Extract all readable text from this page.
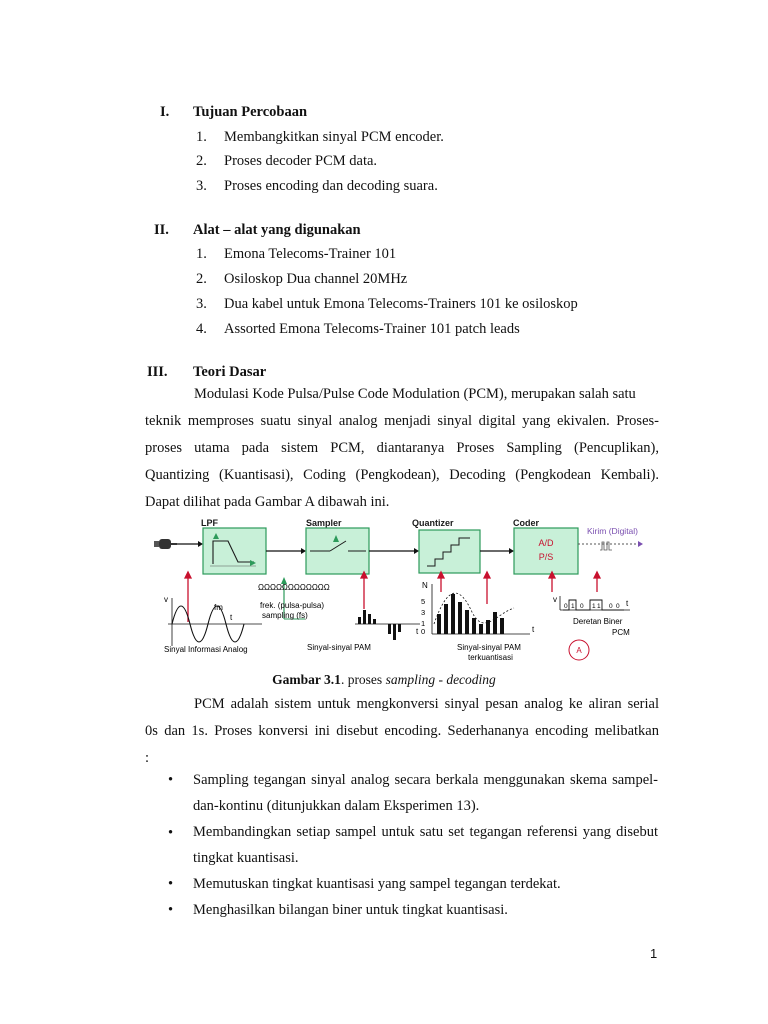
I. Tujuan Percobaan
1. Membangkitkan sinyal PCM encoder.
2. Proses decoder PCM data.
3. Proses encoding dan decoding suara.
II. Alat – alat yang digunakan
1. Emona Telecoms-Trainer 101
2. Osiloskop Dua channel 20MHz
3. Dua kabel untuk Emona Telecoms-Trainers 101 ke osiloskop
4. Assorted Emona Telecoms-Trainer 101 patch leads
III. Teori Dasar
Modulasi Kode Pulsa/Pulse Code Modulation (PCM), merupakan salah satu
teknik memproses suatu sinyal analog menjadi sinyal digital yang ekivalen. Proses-
proses utama pada sistem PCM, diantaranya Proses Sampling (Pencuplikan),
Quantizing (Kuantisasi), Coding (Pengkodean), Decoding (Pengkodean Kembali).
Dapat dilihat pada Gambar A dibawah ini.
LPF	Sampler	Quantizer	Coder
A/D
P/S
Kirim (Digital)
v
fm
t
Sinyal Informasi Analog
ΩΩΩΩΩΩΩΩΩΩΩΩ
frek. (pulsa-pulsa)
sampling (fs)
t
Sinyal-sinyal PAM
N
5
3
1
0	t
Sinyal-sinyal PAM
terkuantisasi
v
0 1 0 1 1 0 0 t
Deretan Biner
PCM
A
Gambar 3.1. proses sampling - decoding
PCM adalah sistem untuk mengkonversi sinyal pesan analog ke aliran serial
0s dan 1s. Proses konversi ini disebut encoding. Sederhananya encoding melibatkan
:
• Sampling tegangan sinyal analog secara berkala menggunakan skema sampel-dan-kontinu (ditunjukkan dalam Eksperimen 13).
• Membandingkan setiap sampel untuk satu set tegangan referensi yang disebut tingkat kuantisasi.
• Memutuskan tingkat kuantisasi yang sampel tegangan terdekat.
• Menghasilkan bilangan biner untuk tingkat kuantisasi.
1
